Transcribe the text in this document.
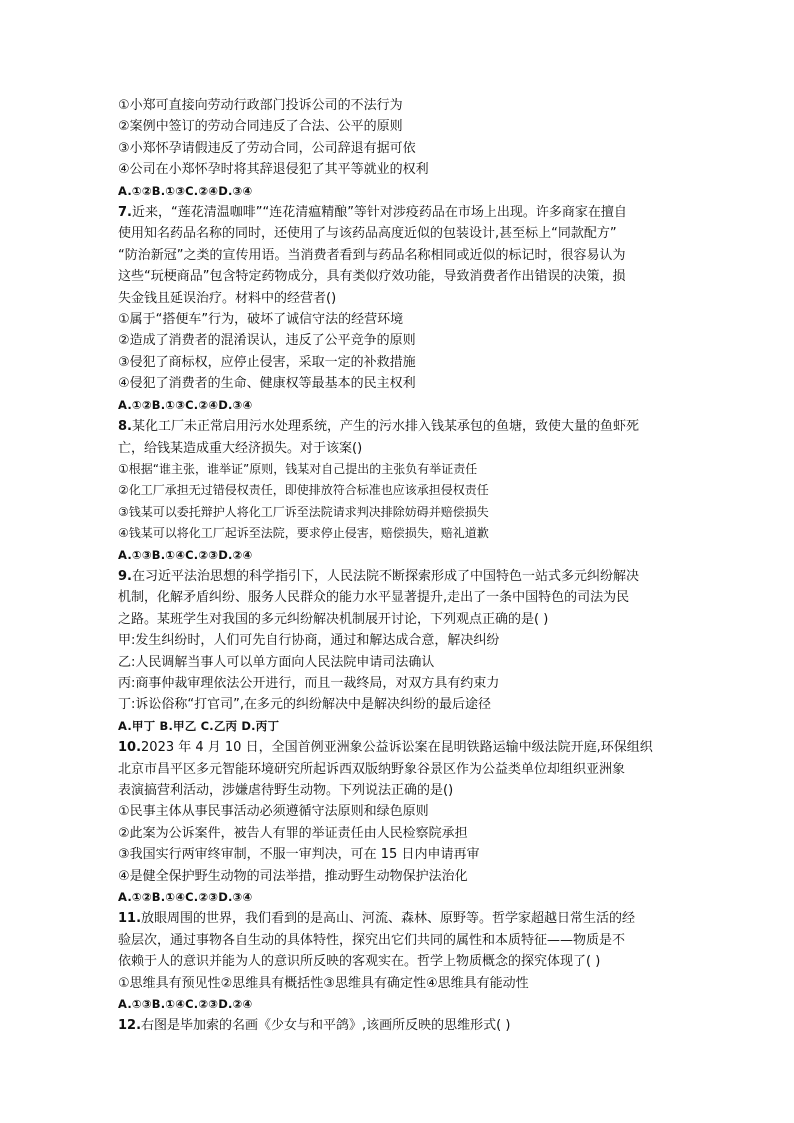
①小郑可直接向劳动行政部门投诉公司的不法行为
②案例中签订的劳动合同违反了合法、公平的原则
③小郑怀孕请假违反了劳动合同，公司辞退有据可依
④公司在小郑怀孕时将其辞退侵犯了其平等就业的权利
A.①②B.①③C.②④D.③④
7.近来，“莲花清温咖啡”“连花清瘟精酿”等针对涉疫药品在市场上出现。许多商家在擅自
使用知名药品名称的同时，还使用了与该药品高度近似的包装设计,甚至标上“同款配方”
“防治新冠”之类的宣传用语。当消费者看到与药品名称相同或近似的标记时，很容易认为
这些“玩梗商品”包含特定药物成分，具有类似疗效功能，导致消费者作出错误的决策，损
失金钱且延误治疗。材料中的经营者()
①属于“搭便车”行为，破坏了诚信守法的经营环境
②造成了消费者的混淆误认，违反了公平竞争的原则
③侵犯了商标权，应停止侵害，采取一定的补救措施
④侵犯了消费者的生命、健康权等最基本的民主权利
A.①②B.①③C.②④D.③④
8.某化工厂未正常启用污水处理系统，产生的污水排入钱某承包的鱼塘，致使大量的鱼虾死
亡，给钱某造成重大经济损失。对于该案()
①根据“谁主张，谁举证”原则，钱某对自己提出的主张负有举证责任
②化工厂承担无过错侵权责任，即使排放符合标准也应该承担侵权责任
③钱某可以委托辩护人将化工厂诉至法院请求判决排除妨碍并赔偿损失
④钱某可以将化工厂起诉至法院，要求停止侵害，赔偿损失，赔礼道歉
A.①③B.①④C.②③D.②④
9.在习近平法治思想的科学指引下，人民法院不断探索形成了中国特色一站式多元纠纷解决
机制，化解矛盾纠纷、服务人民群众的能力水平显著提升,走出了一条中国特色的司法为民
之路。某班学生对我国的多元纠纷解决机制展开讨论，下列观点正确的是( )
甲:发生纠纷时，人们可先自行协商，通过和解达成合意，解决纠纷
乙:人民调解当事人可以单方面向人民法院申请司法确认
丙:商事仲裁审理依法公开进行，而且一裁终局，对双方具有约束力
丁:诉讼俗称“打官司”,在多元的纠纷解决中是解决纠纷的最后途径
A.甲丁 B.甲乙 C.乙丙 D.丙丁
10.2023 年 4 月 10 日，全国首例亚洲象公益诉讼案在昆明铁路运输中级法院开庭,环保组织
北京市昌平区多元智能环境研究所起诉西双版纳野象谷景区作为公益类单位却组织亚洲象
表演搞营利活动，涉嫌虐待野生动物。下列说法正确的是()
①民事主体从事民事活动必须遵循守法原则和绿色原则
②此案为公诉案件，被告人有罪的举证责任由人民检察院承担
③我国实行两审终审制，不服一审判决，可在 15 日内申请再审
④是健全保护野生动物的司法举措，推动野生动物保护法治化
A.①②B.①④C.②③D.③④
11.放眼周围的世界，我们看到的是高山、河流、森林、原野等。哲学家超越日常生活的经
验层次，通过事物各自生动的具体特性，探究出它们共同的属性和本质特征——物质是不
依赖于人的意识并能为人的意识所反映的客观实在。哲学上物质概念的探究体现了( )
①思维具有预见性②思维具有概括性③思维具有确定性④思维具有能动性
A.①③B.①④C.②③D.②④
12.右图是毕加索的名画《少女与和平鸽》,该画所反映的思维形式( )
